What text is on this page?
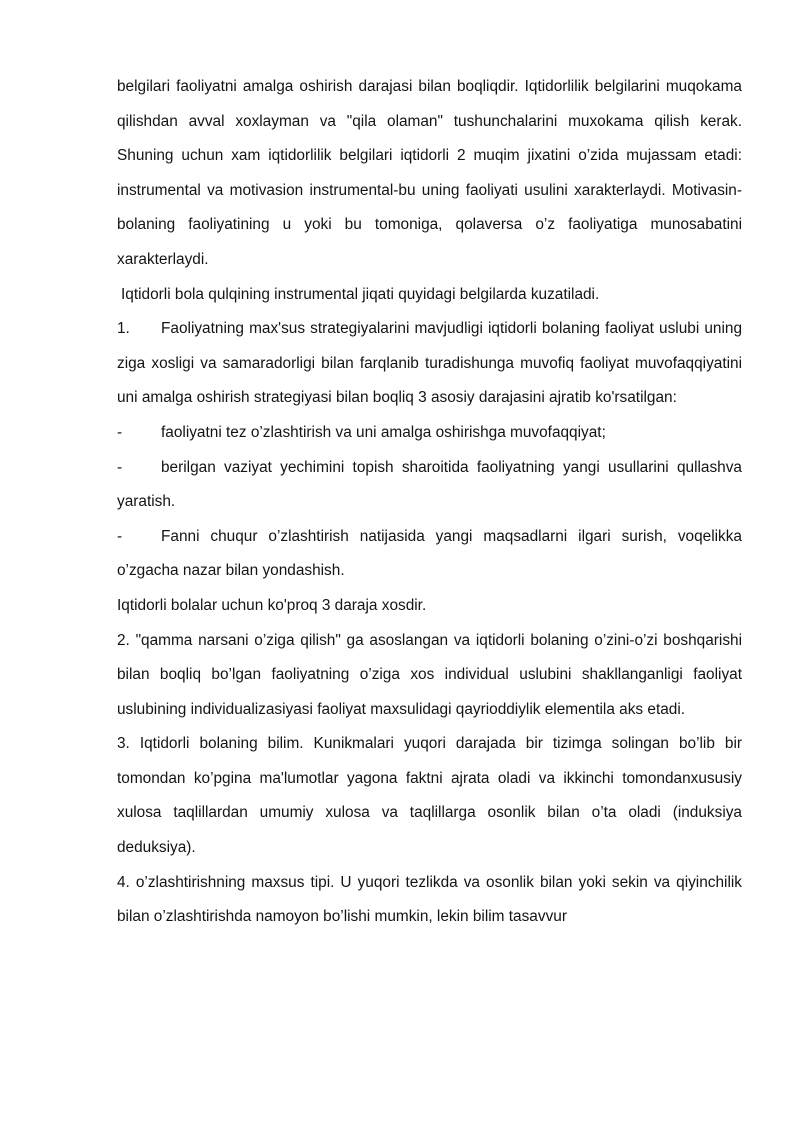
belgilari faoliyatni amalga oshirish darajasi bilan boqliqdir. Iqtidorlilik belgilarini muqokama qilishdan avval xoxlayman va "qila olaman" tushunchalarini muxokama qilish kerak. Shuning uchun xam iqtidorlilik belgilari iqtidorli 2 muqim jixatini o’zida mujassam etadi: instrumental va motivasion instrumental-bu uning faoliyati usulini xarakterlaydi. Motivasin-bolaning faoliyatining u yoki bu tomoniga, qolaversa o’z faoliyatiga munosabatini xarakterlaydi.

Iqtidorli bola qulqining instrumental jiqati quyidagi belgilarda kuzatiladi.

1. Faoliyatning max'sus strategiyalarini mavjudligi iqtidorli bolaning faoliyat uslubi uning ziga xosligi va samaradorligi bilan farqlanib turadishunga muvofiq faoliyat muvofaqqiyatini uni amalga oshirish strategiyasi bilan boqliq 3 asosiy darajasini ajratib ko'rsatilgan:

-	faoliyatni tez o’zlashtirish va uni amalga oshirishga muvofaqqiyat;

-	berilgan vaziyat yechimini topish sharoitida faoliyatning yangi usullarini qullashva yaratish.

-	Fanni chuqur o’zlashtirish natijasida yangi maqsadlarni ilgari surish, voqelikka o’zgacha nazar bilan yondashish.

Iqtidorli bolalar uchun ko'proq 3 daraja xosdir.

2. "qamma narsani o’ziga qilish" ga asoslangan va iqtidorli bolaning o’zini-o’zi boshqarishi bilan boqliq bo’lgan faoliyatning o’ziga xos individual uslubini shakllanganligi faoliyat uslubining individualizasiyasi faoliyat maxsulidagi qayrioddiylik elementila aks etadi.

3. Iqtidorli bolaning bilim. Kunikmalari yuqori darajada bir tizimga solingan bo’lib bir tomondan ko’pgina ma'lumotlar yagona faktni ajrata oladi va ikkinchi tomondanxususiy xulosa taqlillardan umumiy xulosa va taqlillarga osonlik bilan o’ta oladi (induksiya deduksiya).

4. o’zlashtirishning maxsus tipi. U yuqori tezlikda va osonlik bilan yoki sekin va qiyinchilik bilan o’zlashtirishda namoyon bo’lishi mumkin, lekin bilim tasavvur
